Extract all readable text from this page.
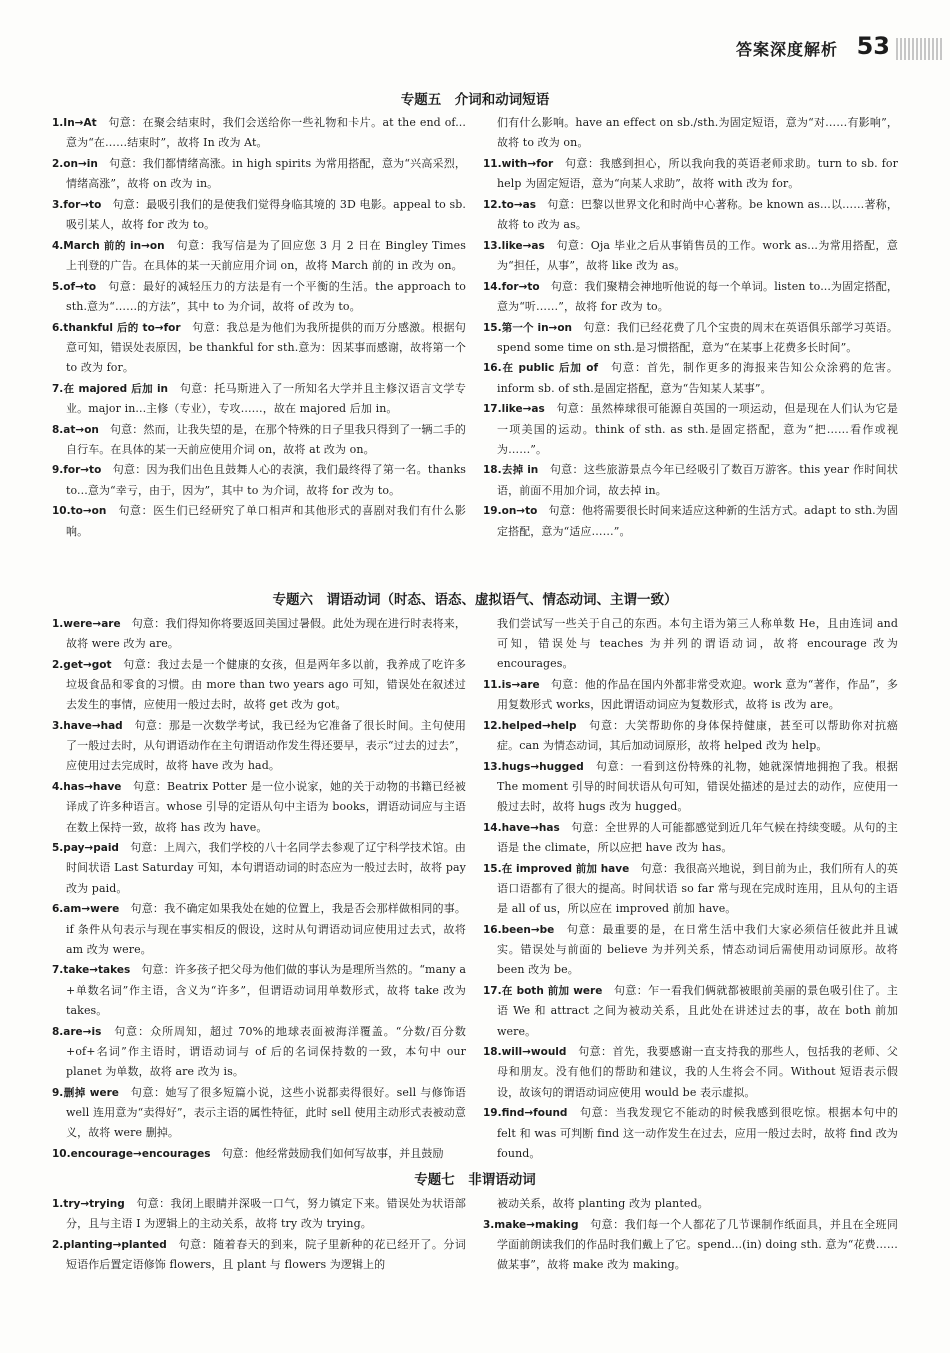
答案深度解析 53
专题五　介词和动词短语
1.In→At　句意：在聚会结束时，我们会送给你一些礼物和卡片。at the end of...意为“在……结束时”，故将 In 改为 At。
2.on→in　句意：我们都情绪高涨。in high spirits 为常用搭配，意为“兴高采烈，情绪高涨”，故将 on 改为 in。
3.for→to　句意：最吸引我们的是使我们觉得身临其境的 3D 电影。appeal to sb.吸引某人，故将 for 改为 to。
4.March 前的 in→on　句意：我写信是为了回应您 3 月 2 日在 Bingley Times 上刊登的广告。在具体的某一天前应用介词 on，故将 March 前的 in 改为 on。
5.of→to　句意：最好的减轻压力的方法是有一个平衡的生活。the approach to sth.意为“……的方法”，其中 to 为介词，故将 of 改为 to。
6.thankful 后的 to→for　句意：我总是为他们为我所提供的而万分感激。根据句意可知，错误处表原因，be thankful for sth.意为：因某事而感谢，故将第一个 to 改为 for。
7.在 majored 后加 in　句意：托马斯进入了一所知名大学并且主修汉语言文学专业。major in...主修（专业），专攻……，故在 majored 后加 in。
8.at→on　句意：然而，让我失望的是，在那个特殊的日子里我只得到了一辆二手的自行车。在具体的某一天前应使用介词 on，故将 at 改为 on。
9.for→to　句意：因为我们出色且鼓舞人心的表演，我们最终得了第一名。thanks to...意为“幸亏，由于，因为”，其中 to 为介词，故将 for 改为 to。
10.to→on　句意：医生们已经研究了单口相声和其他形式的喜剧对我们有什么影响。
们有什么影响。have an effect on sb./sth.为固定短语，意为“对……有影响”，故将 to 改为 on。
11.with→for　句意：我感到担心，所以我向我的英语老师求助。turn to sb. for help 为固定短语，意为“向某人求助”，故将 with 改为 for。
12.to→as　句意：巴黎以世界文化和时尚中心著称。be known as...以……著称，故将 to 改为 as。
13.like→as　句意：Oja 毕业之后从事销售员的工作。work as...为常用搭配，意为“担任，从事”，故将 like 改为 as。
14.for→to　句意：我们聚精会神地听他说的每一个单词。listen to...为固定搭配，意为“听……”，故将 for 改为 to。
15.第一个 in→on　句意：我们已经花费了几个宝贵的周末在英语俱乐部学习英语。spend some time on sth.是习惯搭配，意为“在某事上花费多长时间”。
16.在 public 后加 of　句意：首先，制作更多的海报来告知公众涂鸦的危害。inform sb. of sth.是固定搭配，意为“告知某人某事”。
17.like→as　句意：虽然棒球很可能源自英国的一项运动，但是现在人们认为它是一项美国的运动。think of sth. as sth.是固定搭配，意为“把……看作或视为……”。
18.去掉 in　句意：这些旅游景点今年已经吸引了数百万游客。this year 作时间状语，前面不用加介词，故去掉 in。
19.on→to　句意：他将需要很长时间来适应这种新的生活方式。adapt to sth.为固定搭配，意为“适应……”。
专题六　谓语动词（时态、语态、虚拟语气、情态动词、主谓一致）
1.were→are　句意：我们得知你将要返回美国过暑假。此处为现在进行时表将来，故将 were 改为 are。
2.get→got　句意：我过去是一个健康的女孩，但是两年多以前，我养成了吃许多垃圾食品和零食的习惯。由 more than two years ago 可知，错误处在叙述过去发生的事情，应使用一般过去时，故将 get 改为 got。
3.have→had　句意：那是一次数学考试，我已经为它准备了很长时间。主句使用了一般过去时，从句谓语动作在主句谓语动作发生得还要早，表示“过去的过去”，应使用过去完成时，故将 have 改为 had。
4.has→have　句意：Beatrix Potter 是一位小说家，她的关于动物的书籍已经被译成了许多种语言。whose 引导的定语从句中主语为 books，谓语动词应与主语在数上保持一致，故将 has 改为 have。
5.pay→paid　句意：上周六，我们学校的八十名同学去参观了辽宁科学技术馆。由时间状语 Last Saturday 可知，本句谓语动词的时态应为一般过去时，故将 pay 改为 paid。
6.am→were　句意：我不确定如果我处在她的位置上，我是否会那样做相同的事。if 条件从句表示与现在事实相反的假设，这时从句谓语动词应使用过去式，故将 am 改为 were。
7.take→takes　句意：许多孩子把父母为他们做的事认为是理所当然的。“many a +单数名词”作主语，含义为“许多”，但谓语动词用单数形式，故将 take 改为 takes。
8.are→is　句意：众所周知，超过 70%的地球表面被海洋覆盖。“分数/百分数+of+名词”作主语时，谓语动词与 of 后的名词保持数的一致，本句中 our planet 为单数，故将 are 改为 is。
9.删掉 were　句意：她写了很多短篇小说，这些小说都卖得很好。sell 与修饰语 well 连用意为“卖得好”，表示主语的属性特征，此时 sell 使用主动形式表被动意义，故将 were 删掉。
10.encourage→encourages　句意：他经常鼓励我们如何写故事，并且鼓励
我们尝试写一些关于自己的东西。本句主语为第三人称单数 He，且由连词 and 可知，错误处与 teaches 为并列的谓语动词，故将 encourage 改为 encourages。
11.is→are　句意：他的作品在国内外都非常受欢迎。work 意为“著作，作品”，多用复数形式 works，因此谓语动词应为复数形式，故将 is 改为 are。
12.helped→help　句意：大笑帮助你的身体保持健康，甚至可以帮助你对抗癌症。can 为情态动词，其后加动词原形，故将 helped 改为 help。
13.hugs→hugged　句意：一看到这份特殊的礼物，她就深情地拥抱了我。根据 The moment 引导的时间状语从句可知，错误处描述的是过去的动作，应使用一般过去时，故将 hugs 改为 hugged。
14.have→has　句意：全世界的人可能都感觉到近几年气候在持续变暖。从句的主语是 the climate，所以应把 have 改为 has。
15.在 improved 前加 have　句意：我很高兴地说，到目前为止，我们所有人的英语口语都有了很大的提高。时间状语 so far 常与现在完成时连用，且从句的主语是 all of us，所以应在 improved 前加 have。
16.been→be　句意：最重要的是，在日常生活中我们大家必须信任彼此并且诚实。错误处与前面的 believe 为并列关系，情态动词后需使用动词原形。故将 been 改为 be。
17.在 both 前加 were　句意：乍一看我们俩就都被眼前美丽的景色吸引住了。主语 We 和 attract 之间为被动关系，且此处在讲述过去的事，故在 both 前加 were。
18.will→would　句意：首先，我要感谢一直支持我的那些人，包括我的老师、父母和朋友。没有他们的帮助和建议，我的人生将会不同。Without 短语表示假设，故该句的谓语动词应使用 would be 表示虚拟。
19.find→found　句意：当我发现它不能动的时候我感到很吃惊。根据本句中的 felt 和 was 可判断 find 这一动作发生在过去，应用一般过去时，故将 find 改为 found。
专题七　非谓语动词
1.try→trying　句意：我闭上眼睛并深吸一口气，努力镇定下来。错误处为状语部分，且与主语 I 为逻辑上的主动关系，故将 try 改为 trying。
2.planting→planted　句意：随着春天的到来，院子里新种的花已经开了。分词短语作后置定语修饰 flowers，且 plant 与 flowers 为逻辑上的
被动关系，故将 planting 改为 planted。
3.make→making　句意：我们每一个人都花了几节课制作纸面具，并且在全班同学面前朗读我们的作品时我们戴上了它。spend...(in) doing sth. 意为“花费……做某事”，故将 make 改为 making。
